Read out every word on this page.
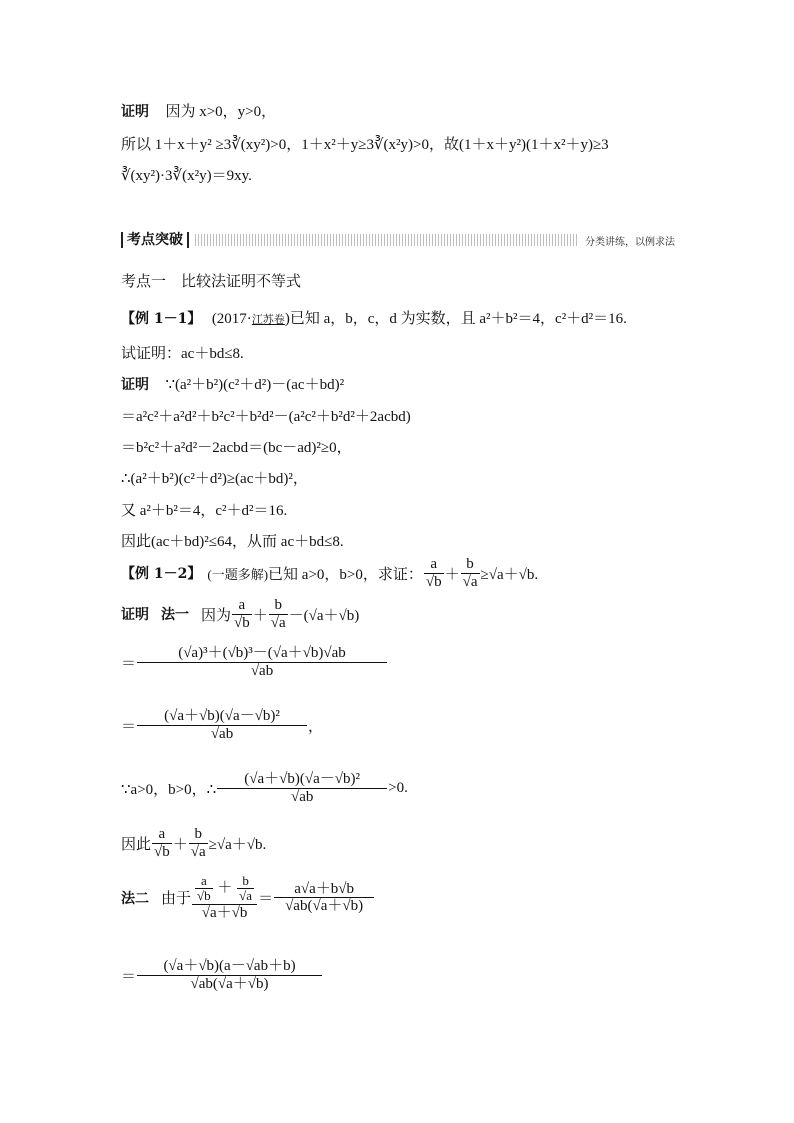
证明 因为 x>0，y>0，
所以 1＋x＋y² ≥3∛(xy²)>0，1＋x²＋y≥3∛(x²y)>0，故(1＋x＋y²)(1＋x²＋y)≥3
∛(xy²)·3∛(x²y)＝9xy.
考点突破	分类讲练，以例求法
考点一　比较法证明不等式
【例 1－1】 (2017·江苏卷)已知 a，b，c，d 为实数，且 a²＋b²＝4，c²＋d²＝16.
试证明：ac＋bd≤8.
证明 ∵(a²＋b²)(c²＋d²)－(ac＋bd)²
＝a²c²＋a²d²＋b²c²＋b²d²－(a²c²＋b²d²＋2acbd)
＝b²c²＋a²d²－2acbd＝(bc－ad)²≥0，
∴(a²＋b²)(c²＋d²)≥(ac＋bd)²，
又 a²＋b²＝4，c²＋d²＝16.
因此(ac＋bd)²≤64，从而 ac＋bd≤8.
【例 1－2】 (一题多解) 已知 a>0，b>0，求证： $\frac{a}{√b} + \frac{b}{√a} \ge√a+√b$.
证明 法一 因为 $\frac{a}{√b} + \frac{b}{√a} -(√a+√b)$
＝ $\frac{\text{(√a)³＋(√b)³－(√a＋√b)√ab}}{√ab}$
＝ $\frac{\text{(√a＋√b)(√a－√b)²}}{√ab}$ ，
∵a>0，b>0，∴ $\frac{\text{(√a＋√b)(√a－√b)²}}{√ab} >0$.
因此 $\frac{a}{√b} + \frac{b}{√a} \ge√a+√b$.
法二 由于 $\frac{\frac{a}{√b} + \frac{b}{√a}}{√a+√b} = \frac{a√a+b√b}{√ab(√a+√b)}$
＝ $\frac{(√a+√b)(a-√ab+b)}{√ab(√a+√b)}$
